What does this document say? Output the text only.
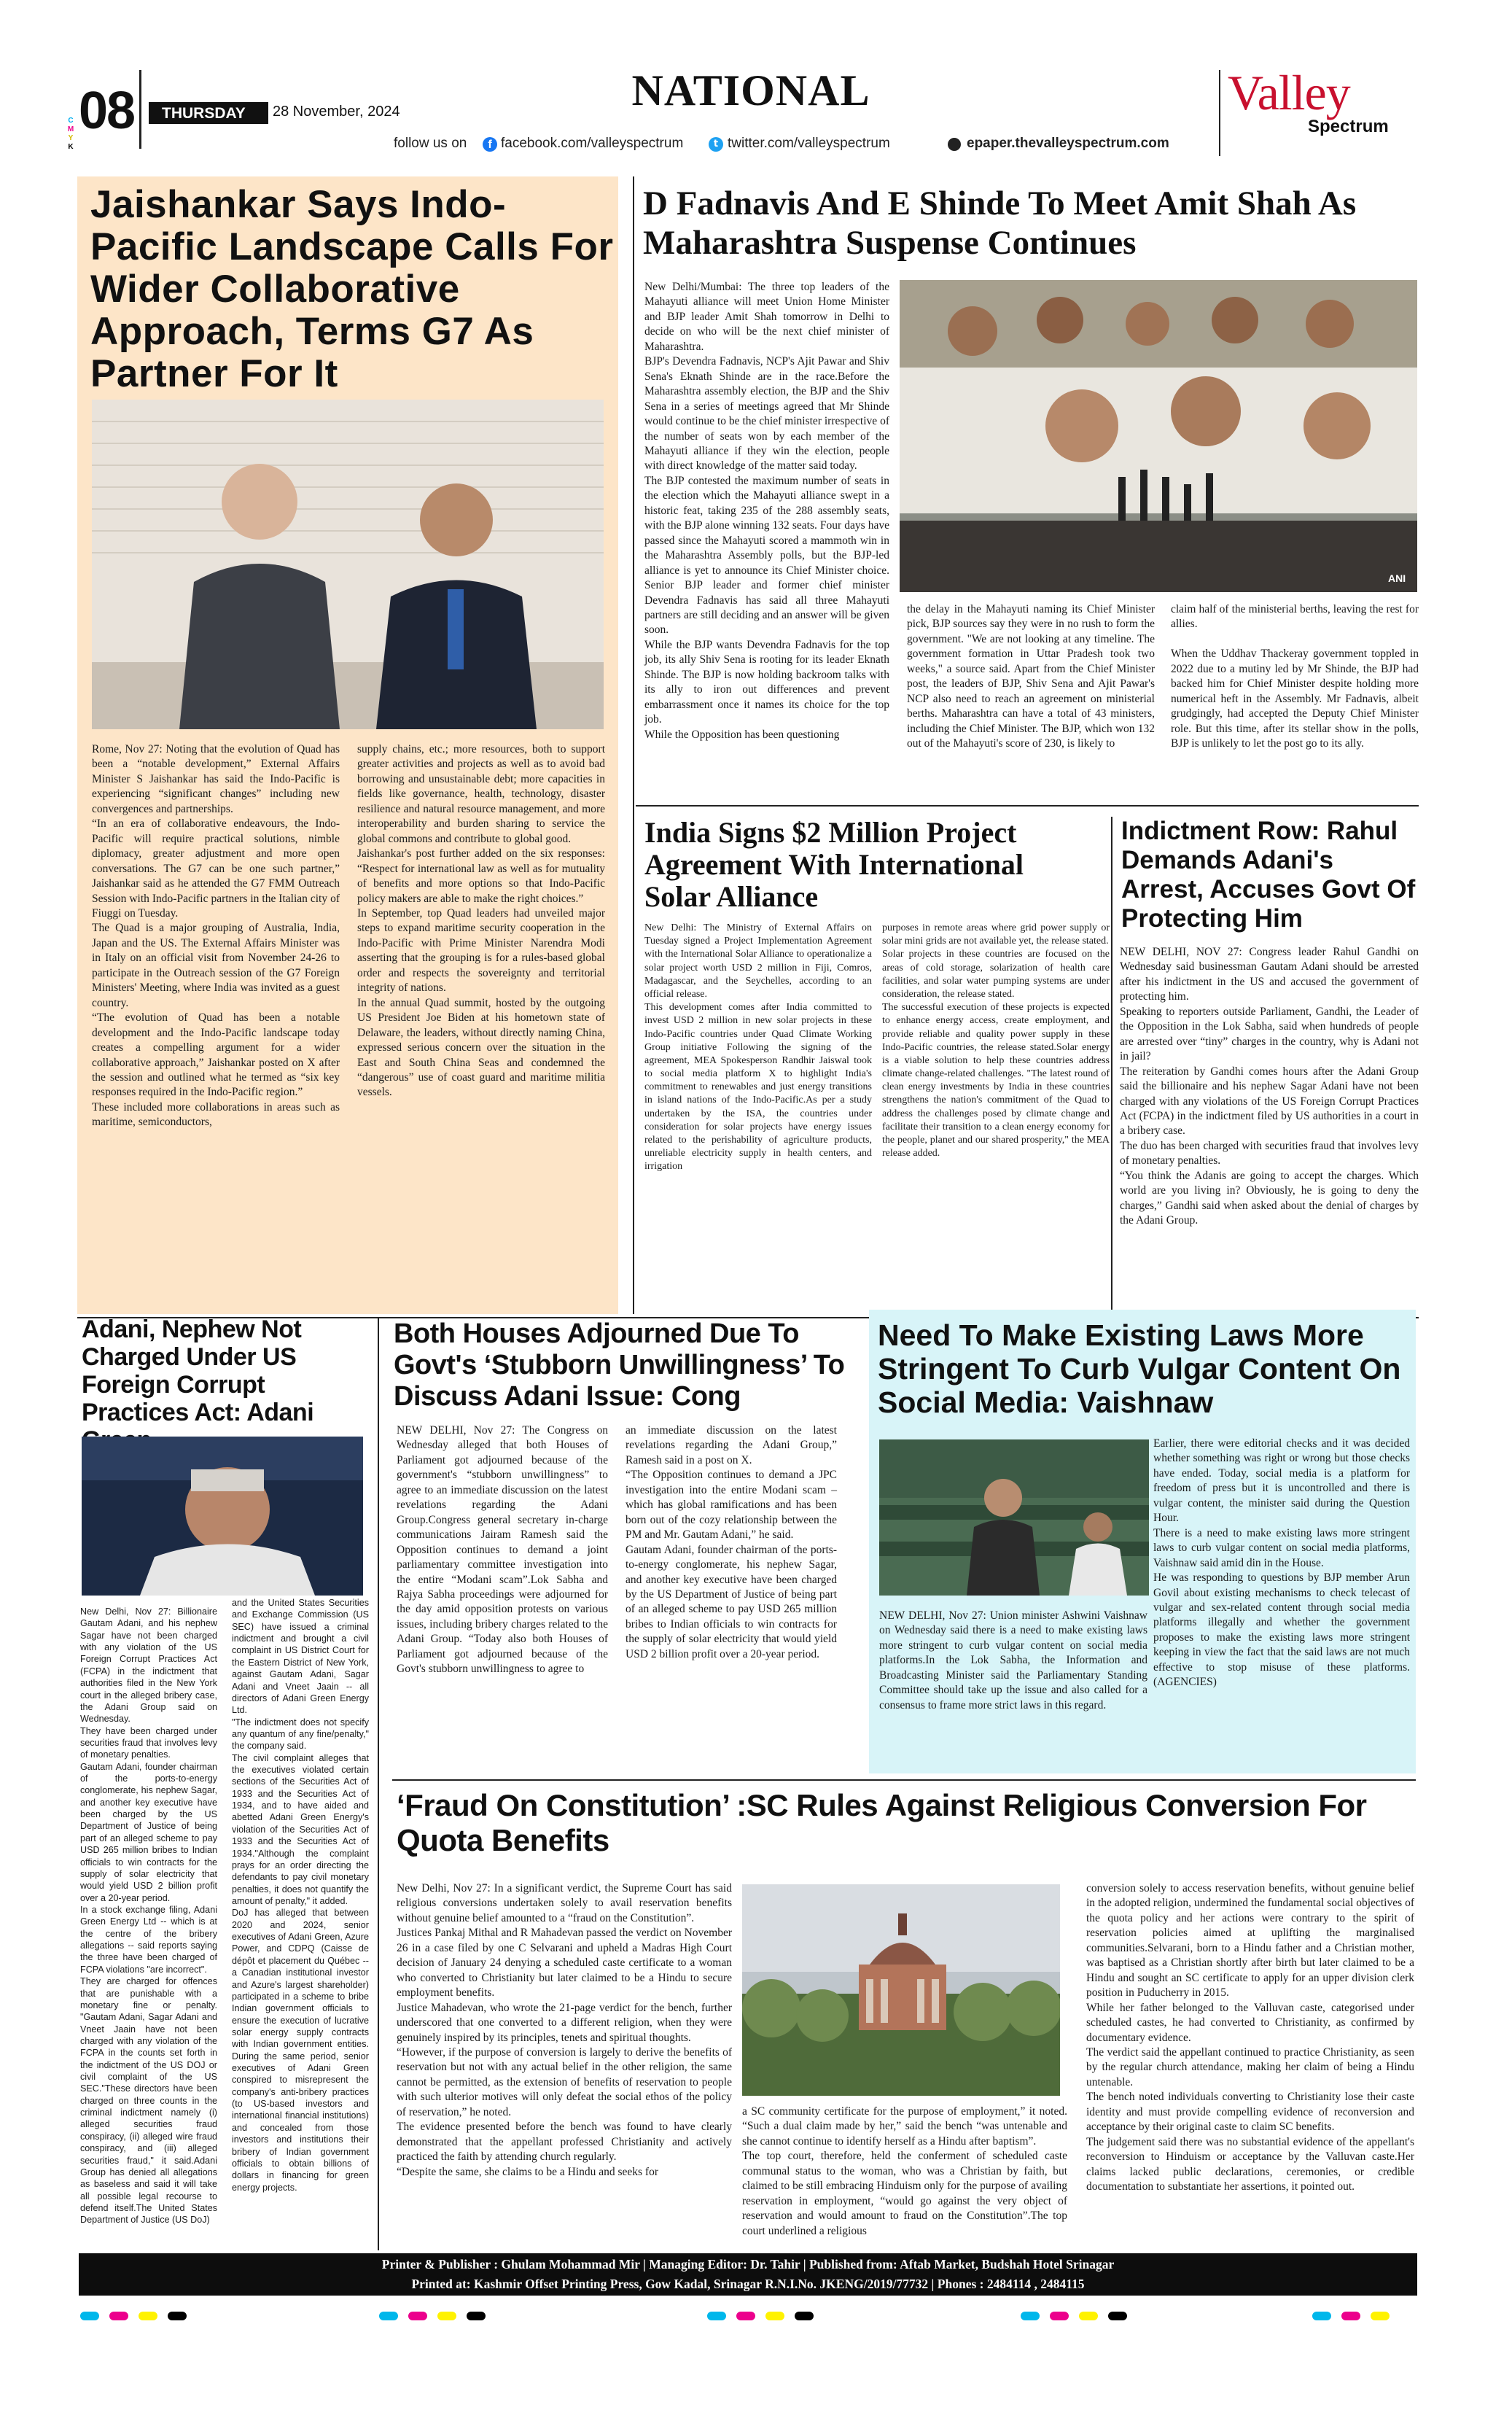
C
M
Y
K
08 THURSDAY	28 November, 2024	NATIONAL
follow us on	f facebook.com/valleyspectrum	t twitter.com/valleyspectrum	epaper.thevalleyspectrum.com
Valley
Spectrum
Jaishankar Says Indo-Pacific Landscape Calls For Wider Collaborative Approach, Terms G7 As Partner For It
Rome, Nov 27: Noting that the evolution of Quad has been a “notable development,” External Affairs Minister S Jaishankar has said the Indo-Pacific is experiencing “significant changes” including new convergences and partnerships.
“In an era of collaborative endeavours, the Indo-Pacific will require practical solutions, nimble diplomacy, greater adjustment and more open conversations. The G7 can be one such partner,” Jaishankar said as he attended the G7 FMM Outreach Session with Indo-Pacific partners in the Italian city of Fiuggi on Tuesday.
The Quad is a major grouping of Australia, India, Japan and the US. The External Affairs Minister was in Italy on an official visit from November 24-26 to participate in the Outreach session of the G7 Foreign Ministers' Meeting, where India was invited as a guest country.
“The evolution of Quad has been a notable development and the Indo-Pacific landscape today creates a compelling argument for a wider collaborative approach,” Jaishankar posted on X after the session and outlined what he termed as “six key responses required in the Indo-Pacific region.”
These included more collaborations in areas such as maritime, semiconductors,
supply chains, etc.; more resources, both to support greater activities and projects as well as to avoid bad borrowing and unsustainable debt; more capacities in fields like governance, health, technology, disaster resilience and natural resource management, and more interoperability and burden sharing to service the global commons and contribute to global good.
Jaishankar's post further added on the six responses: “Respect for international law as well as for mutuality of benefits and more options so that Indo-Pacific policy makers are able to make the right choices.”
In September, top Quad leaders had unveiled major steps to expand maritime security cooperation in the Indo-Pacific with Prime Minister Narendra Modi asserting that the grouping is for a rules-based global order and respects the sovereignty and territorial integrity of nations.
In the annual Quad summit, hosted by the outgoing US President Joe Biden at his hometown state of Delaware, the leaders, without directly naming China, expressed serious concern over the situation in the East and South China Seas and condemned the “dangerous” use of coast guard and maritime militia vessels.
D Fadnavis And E Shinde To Meet Amit Shah As Maharashtra Suspense Continues
New Delhi/Mumbai: The three top leaders of the Mahayuti alliance will meet Union Home Minister and BJP leader Amit Shah tomorrow in Delhi to decide on who will be the next chief minister of Maharashtra.
BJP's Devendra Fadnavis, NCP's Ajit Pawar and Shiv Sena's Eknath Shinde are in the race.Before the Maharashtra assembly election, the BJP and the Shiv Sena in a series of meetings agreed that Mr Shinde would continue to be the chief minister irrespective of the number of seats won by each member of the Mahayuti alliance if they win the election, people with direct knowledge of the matter said today.
The BJP contested the maximum number of seats in the election which the Mahayuti alliance swept in a historic feat, taking 235 of the 288 assembly seats, with the BJP alone winning 132 seats. Four days have passed since the Mahayuti scored a mammoth win in the Maharashtra Assembly polls, but the BJP-led alliance is yet to announce its Chief Minister choice. Senior BJP leader and former chief minister Devendra Fadnavis has said all three Mahayuti partners are still deciding and an answer will be given soon.
While the BJP wants Devendra Fadnavis for the top job, its ally Shiv Sena is rooting for its leader Eknath Shinde. The BJP is now holding backroom talks with its ally to iron out differences and prevent embarrassment once it names its choice for the top job.
While the Opposition has been questioning
ANI
the delay in the Mahayuti naming its Chief Minister pick, BJP sources say they were in no rush to form the government. "We are not looking at any timeline. The government formation in Uttar Pradesh took two weeks," a source said. Apart from the Chief Minister post, the leaders of BJP, Shiv Sena and Ajit Pawar's NCP also need to reach an agreement on ministerial berths. Maharashtra can have a total of 43 ministers, including the Chief Minister. The BJP, which won 132 out of the Mahayuti's score of 230, is likely to
claim half of the ministerial berths, leaving the rest for allies.

When the Uddhav Thackeray government toppled in 2022 due to a mutiny led by Mr Shinde, the BJP had backed him for Chief Minister despite holding more numerical heft in the Assembly. Mr Fadnavis, albeit grudgingly, had accepted the Deputy Chief Minister role. But this time, after its stellar show in the polls, BJP is unlikely to let the post go to its ally.
India Signs $2 Million Project Agreement With International Solar Alliance
New Delhi: The Ministry of External Affairs on Tuesday signed a Project Implementation Agreement with the International Solar Alliance to operationalize a solar project worth USD 2 million in Fiji, Comros, Madagascar, and the Seychelles, according to an official release.
This development comes after India committed to invest USD 2 million in new solar projects in these Indo-Pacific countries under Quad Climate Working Group initiative Following the signing of the agreement, MEA Spokesperson Randhir Jaiswal took to social media platform X to highlight India's commitment to renewables and just energy transitions in island nations of the Indo-Pacific.As per a study undertaken by the ISA, the countries under consideration for solar projects have energy issues related to the perishability of agriculture products, unreliable electricity supply in health centers, and irrigation
purposes in remote areas where grid power supply or solar mini grids are not available yet, the release stated.
Solar projects in these countries are focused on the areas of cold storage, solarization of health care facilities, and solar water pumping systems are under consideration, the release stated.
The successful execution of these projects is expected to enhance energy access, create employment, and provide reliable and quality power supply in these Indo-Pacific countries, the release stated.Solar energy is a viable solution to help these countries address climate change-related challenges. "The latest round of clean energy investments by India in these countries strengthens the nation's commitment of the Quad to address the challenges posed by climate change and facilitate their transition to a clean energy economy for the people, planet and our shared prosperity," the MEA release added.
Indictment Row: Rahul Demands Adani's Arrest, Accuses Govt Of Protecting Him
NEW DELHI, NOV 27: Congress leader Rahul Gandhi on Wednesday said businessman Gautam Adani should be arrested after his indictment in the US and accused the government of protecting him.
Speaking to reporters outside Parliament, Gandhi, the Leader of the Opposition in the Lok Sabha, said when hundreds of people are arrested over “tiny” charges in the country, why is Adani not in jail?
The reiteration by Gandhi comes hours after the Adani Group said the billionaire and his nephew Sagar Adani have not been charged with any violations of the US Foreign Corrupt Practices Act (FCPA) in the indictment filed by US authorities in a court in a bribery case.
The duo has been charged with securities fraud that involves levy of monetary penalties.
“You think the Adanis are going to accept the charges. Which world are you living in? Obviously, he is going to deny the charges,” Gandhi said when asked about the denial of charges by the Adani Group.
Adani, Nephew Not Charged Under US Foreign Corrupt Practices Act: Adani
New Delhi, Nov 27: Billionaire Gautam Adani, and his nephew Sagar have not been charged with any violation of the US Foreign Corrupt Practices Act (FCPA) in the indictment that authorities filed in the New York court in the alleged bribery case, the Adani Group said on Wednesday.
They have been charged under securities fraud that involves levy of monetary penalties.
Gautam Adani, founder chairman of the ports-to-energy conglomerate, his nephew Sagar, and another key executive have been charged by the US Department of Justice of being part of an alleged scheme to pay USD 265 million bribes to Indian officials to win contracts for the supply of solar electricity that would yield USD 2 billion profit over a 20-year period.
In a stock exchange filing, Adani Green Energy Ltd -- which is at the centre of the bribery allegations -- said reports saying the three have been charged of FCPA violations "are incorrect".
They are charged for offences that are punishable with a monetary fine or penalty. "Gautam Adani, Sagar Adani and Vneet Jaain have not been charged with any violation of the FCPA in the counts set forth in the indictment of the US DOJ or civil complaint of the US SEC."These directors have been charged on three counts in the criminal indictment namely (i) alleged securities fraud conspiracy, (ii) alleged wire fraud conspiracy, and (iii) alleged securities fraud," it said.Adani Group has denied all allegations as baseless and said it will take all possible legal recourse to defend itself.The United States Department of Justice (US DoJ)
and the United States Securities and Exchange Commission (US SEC) have issued a criminal indictment and brought a civil complaint in US District Court for the Eastern District of New York, against Gautam Adani, Sagar Adani and Vneet Jaain -- all directors of Adani Green Energy Ltd.
"The indictment does not specify any quantum of any fine/penalty," the company said.
The civil complaint alleges that the executives violated certain sections of the Securities Act of 1933 and the Securities Act of 1934, and to have aided and abetted Adani Green Energy's violation of the Securities Act of 1933 and the Securities Act of 1934."Although the complaint prays for an order directing the defendants to pay civil monetary penalties, it does not quantify the amount of penalty," it added.
DoJ has alleged that between 2020 and 2024, senior executives of Adani Green, Azure Power, and CDPQ (Caisse de dépôt et placement du Québec -- a Canadian institutional investor and Azure's largest shareholder) participated in a scheme to bribe Indian government officials to ensure the execution of lucrative solar energy supply contracts with Indian government entities. During the same period, senior executives of Adani Green conspired to misrepresent the company's anti-bribery practices (to US-based investors and international financial institutions) and concealed from those investors and institutions their bribery of Indian government officials to obtain billions of dollars in financing for green energy projects.
Both Houses Adjourned Due To Govt's ‘Stubborn Unwillingness’ To Discuss Adani Issue: Cong
NEW DELHI, Nov 27: The Congress on Wednesday alleged that both Houses of Parliament got adjourned because of the government's “stubborn unwillingness” to agree to an immediate discussion on the latest revelations regarding the Adani Group.Congress general secretary in-charge communications Jairam Ramesh said the Opposition continues to demand a joint parliamentary committee investigation into the entire “Modani scam”.Lok Sabha and Rajya Sabha proceedings were adjourned for the day amid opposition protests on various issues, including bribery charges related to the Adani Group. “Today also both Houses of Parliament got adjourned because of the Govt's stubborn unwillingness to agree to
an immediate discussion on the latest revelations regarding the Adani Group,” Ramesh said in a post on X.
“The Opposition continues to demand a JPC investigation into the entire Modani scam – which has global ramifications and has been born out of the cozy relationship between the PM and Mr. Gautam Adani,” he said.
Gautam Adani, founder chairman of the ports-to-energy conglomerate, his nephew Sagar, and another key executive have been charged by the US Department of Justice of being part of an alleged scheme to pay USD 265 million bribes to Indian officials to win contracts for the supply of solar electricity that would yield USD 2 billion profit over a 20-year period.
Need To Make Existing Laws More Stringent To Curb Vulgar Content On Social Media: Vaishnaw
NEW DELHI, Nov 27: Union minister Ashwini Vaishnaw on Wednesday said there is a need to make existing laws more stringent to curb vulgar content on social media platforms.In the Lok Sabha, the Information and Broadcasting Minister said the Parliamentary Standing Committee should take up the issue and also called for a consensus to frame more strict laws in this regard.
Earlier, there were editorial checks and it was decided whether something was right or wrong but those checks have ended. Today, social media is a platform for freedom of press but it is uncontrolled and there is vulgar content, the minister said during the Question Hour.
There is a need to make existing laws more stringent laws to curb vulgar content on social media platforms, Vaishnaw said amid din in the House.
He was responding to questions by BJP member Arun Govil about existing mechanisms to check telecast of vulgar and sex-related content through social media platforms illegally and whether the government proposes to make the existing laws more stringent keeping in view the fact that the said laws are not much effective to stop misuse of these platforms. (AGENCIES)
‘Fraud On Constitution’ :SC Rules Against Religious Conversion For Quota Benefits
New Delhi, Nov 27: In a significant verdict, the Supreme Court has said religious conversions undertaken solely to avail reservation benefits without genuine belief amounted to a “fraud on the Constitution”.
Justices Pankaj Mithal and R Mahadevan passed the verdict on November 26 in a case filed by one C Selvarani and upheld a Madras High Court decision of January 24 denying a scheduled caste certificate to a woman who converted to Christianity but later claimed to be a Hindu to secure employment benefits.
Justice Mahadevan, who wrote the 21-page verdict for the bench, further underscored that one converted to a different religion, when they were genuinely inspired by its principles, tenets and spiritual thoughts.
“However, if the purpose of conversion is largely to derive the benefits of reservation but not with any actual belief in the other religion, the same cannot be permitted, as the extension of benefits of reservation to people with such ulterior motives will only defeat the social ethos of the policy of reservation,” he noted.
The evidence presented before the bench was found to have clearly demonstrated that the appellant professed Christianity and actively practiced the faith by attending church regularly.
“Despite the same, she claims to be a Hindu and seeks for
a SC community certificate for the purpose of employment,” it noted. “Such a dual claim made by her,” said the bench “was untenable and she cannot continue to identify herself as a Hindu after baptism”.
The top court, therefore, held the conferment of scheduled caste communal status to the woman, who was a Christian by faith, but claimed to be still embracing Hinduism only for the purpose of availing reservation in employment, “would go against the very object of reservation and would amount to fraud on the Constitution”.The top court underlined a religious
conversion solely to access reservation benefits, without genuine belief in the adopted religion, undermined the fundamental social objectives of the quota policy and her actions were contrary to the spirit of reservation policies aimed at uplifting the marginalised communities.Selvarani, born to a Hindu father and a Christian mother, was baptised as a Christian shortly after birth but later claimed to be a Hindu and sought an SC certificate to apply for an upper division clerk position in Puducherry in 2015.
While her father belonged to the Valluvan caste, categorised under scheduled castes, he had converted to Christianity, as confirmed by documentary evidence.
The verdict said the appellant continued to practice Christianity, as seen by the regular church attendance, making her claim of being a Hindu untenable.
The bench noted individuals converting to Christianity lose their caste identity and must provide compelling evidence of reconversion and acceptance by their original caste to claim SC benefits.
The judgement said there was no substantial evidence of the appellant's reconversion to Hinduism or acceptance by the Valluvan caste.Her claims lacked public declarations, ceremonies, or credible documentation to substantiate her assertions, it pointed out.
Printer & Publisher : Ghulam Mohammad Mir | Managing Editor: Dr. Tahir | Published from: Aftab Market, Budshah Hotel Srinagar
Printed at: Kashmir Offset Printing Press, Gow Kadal, Srinagar R.N.I.No. JKENG/2019/77732 | Phones : 2484114 , 2484115
